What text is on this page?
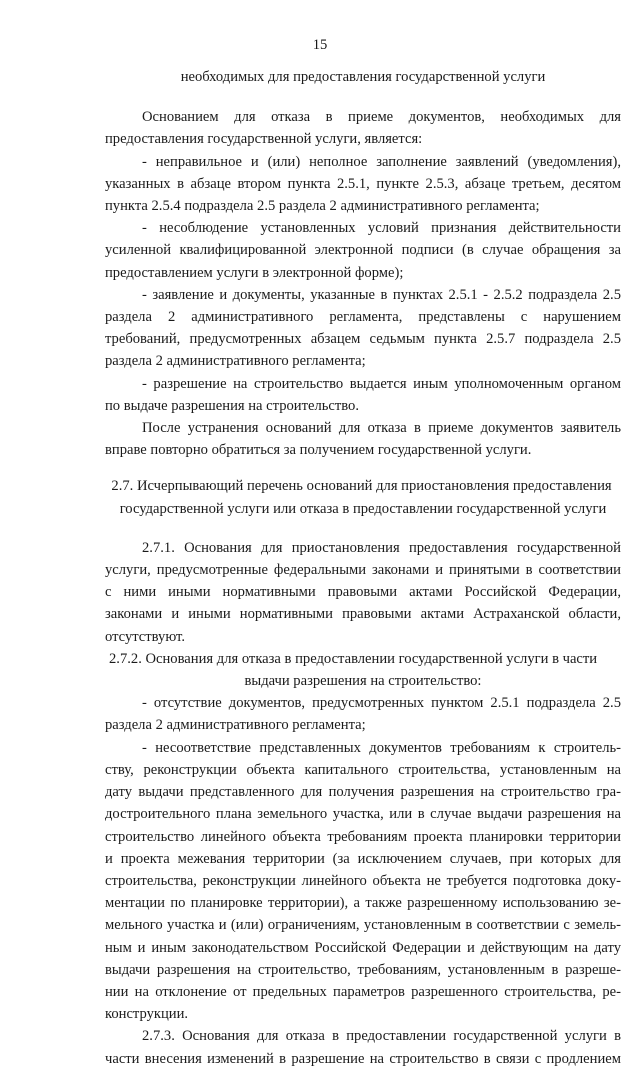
15
необходимых для предоставления государственной услуги
Основанием для отказа в приеме документов, необходимых для
предоставления государственной услуги, является:
- неправильное и (или) неполное заполнение заявлений (уведомления),
указанных в абзаце втором пункта 2.5.1, пункте 2.5.3, абзаце третьем, десятом
пункта 2.5.4 подраздела 2.5 раздела 2 административного регламента;
- несоблюдение установленных условий признания действительности
усиленной квалифицированной электронной подписи (в случае обращения за
предоставлением услуги в электронной форме);
- заявление и документы, указанные в пунктах 2.5.1 - 2.5.2 подраздела 2.5
раздела 2 административного регламента, представлены с нарушением
требований, предусмотренных абзацем седьмым пункта 2.5.7 подраздела 2.5
раздела 2 административного регламента;
- разрешение на строительство выдается иным уполномоченным органом
по выдаче разрешения на строительство.
После устранения оснований для отказа в приеме документов заявитель
вправе повторно обратиться за получением государственной услуги.
2.7. Исчерпывающий перечень оснований для приостановления предоставления
государственной услуги или отказа в предоставлении государственной услуги
2.7.1. Основания для приостановления предоставления государственной
услуги, предусмотренные федеральными законами и принятыми в соответствии
с ними иными нормативными правовыми актами Российской Федерации,
законами и иными нормативными правовыми актами Астраханской области,
отсутствуют.
2.7.2. Основания для отказа в предоставлении государственной услуги в части
выдачи разрешения на строительство:
- отсутствие документов, предусмотренных пунктом 2.5.1 подраздела 2.5
раздела 2 административного регламента;
- несоответствие представленных документов требованиям к строитель-
ству, реконструкции объекта капитального строительства, установленным на
дату выдачи представленного для получения разрешения на строительство гра-
достроительного плана земельного участка, или в случае выдачи разрешения на
строительство линейного объекта требованиям проекта планировки территории
и проекта межевания территории (за исключением случаев, при которых для
строительства, реконструкции линейного объекта не требуется подготовка доку-
ментации по планировке территории), а также разрешенному использованию зе-
мельного участка и (или) ограничениям, установленным в соответствии с земель-
ным и иным законодательством Российской Федерации и действующим на дату
выдачи разрешения на строительство, требованиям, установленным в разреше-
нии на отклонение от предельных параметров разрешенного строительства, ре-
конструкции.
2.7.3. Основания для отказа в предоставлении государственной услуги в
части внесения изменений в разрешение на строительство в связи с продлением
